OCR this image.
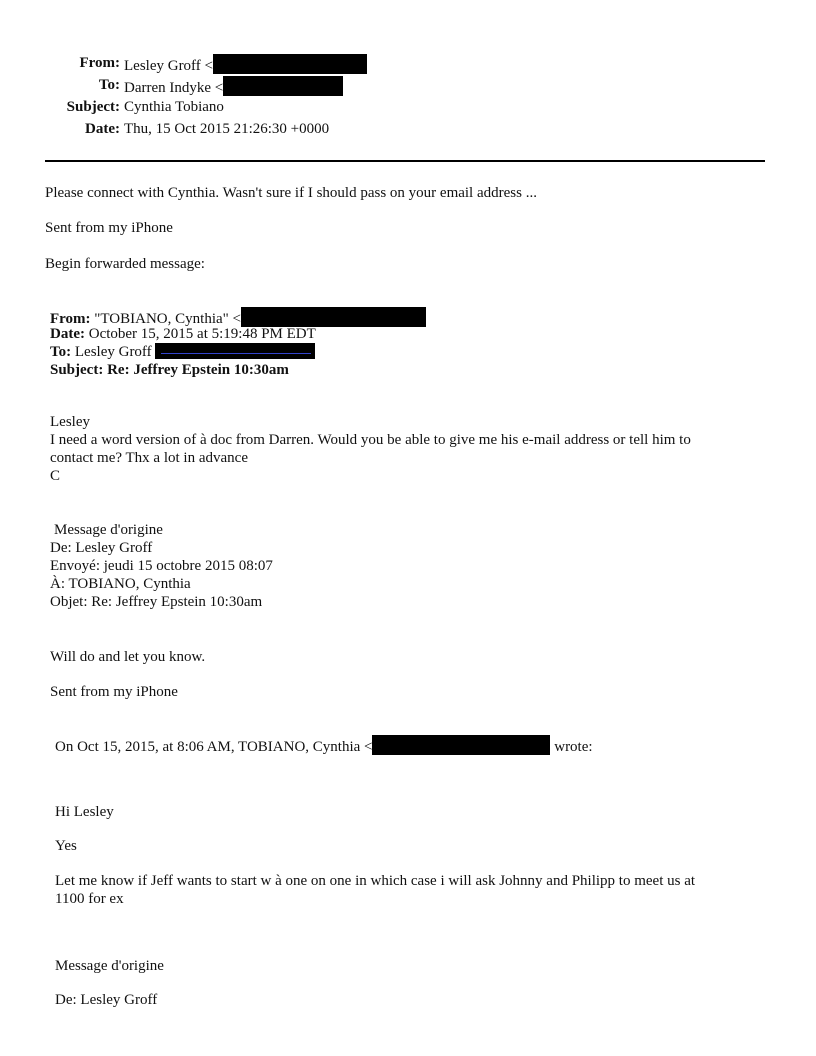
From: Lesley Groff <
To: Darren Indyke <
Subject: Cynthia Tobiano
Date: Thu, 15 Oct 2015 21:26:30 +0000
Please connect with Cynthia. Wasn't sure if I should pass on your email address ...
Sent from my iPhone
Begin forwarded message:
From: "TOBIANO, Cynthia" <
Date: October 15, 2015 at 5:19:48 PM EDT
To: Lesley Groff
Subject: Re: Jeffrey Epstein 10:30am
Lesley
I need a word version of à doc from Darren. Would you be able to give me his e-mail address or tell him to
contact me? Thx a lot in advance
C
Message d'origine
De: Lesley Groff
Envoyé: jeudi 15 octobre 2015 08:07
À: TOBIANO, Cynthia
Objet: Re: Jeffrey Epstein 10:30am
Will do and let you know.
Sent from my iPhone
On Oct 15, 2015, at 8:06 AM, TOBIANO, Cynthia <	wrote:
Hi Lesley
Yes
Let me know if Jeff wants to start w à one on one in which case i will ask Johnny and Philipp to meet us at
1100 for ex
Message d'origine
De: Lesley Groff
